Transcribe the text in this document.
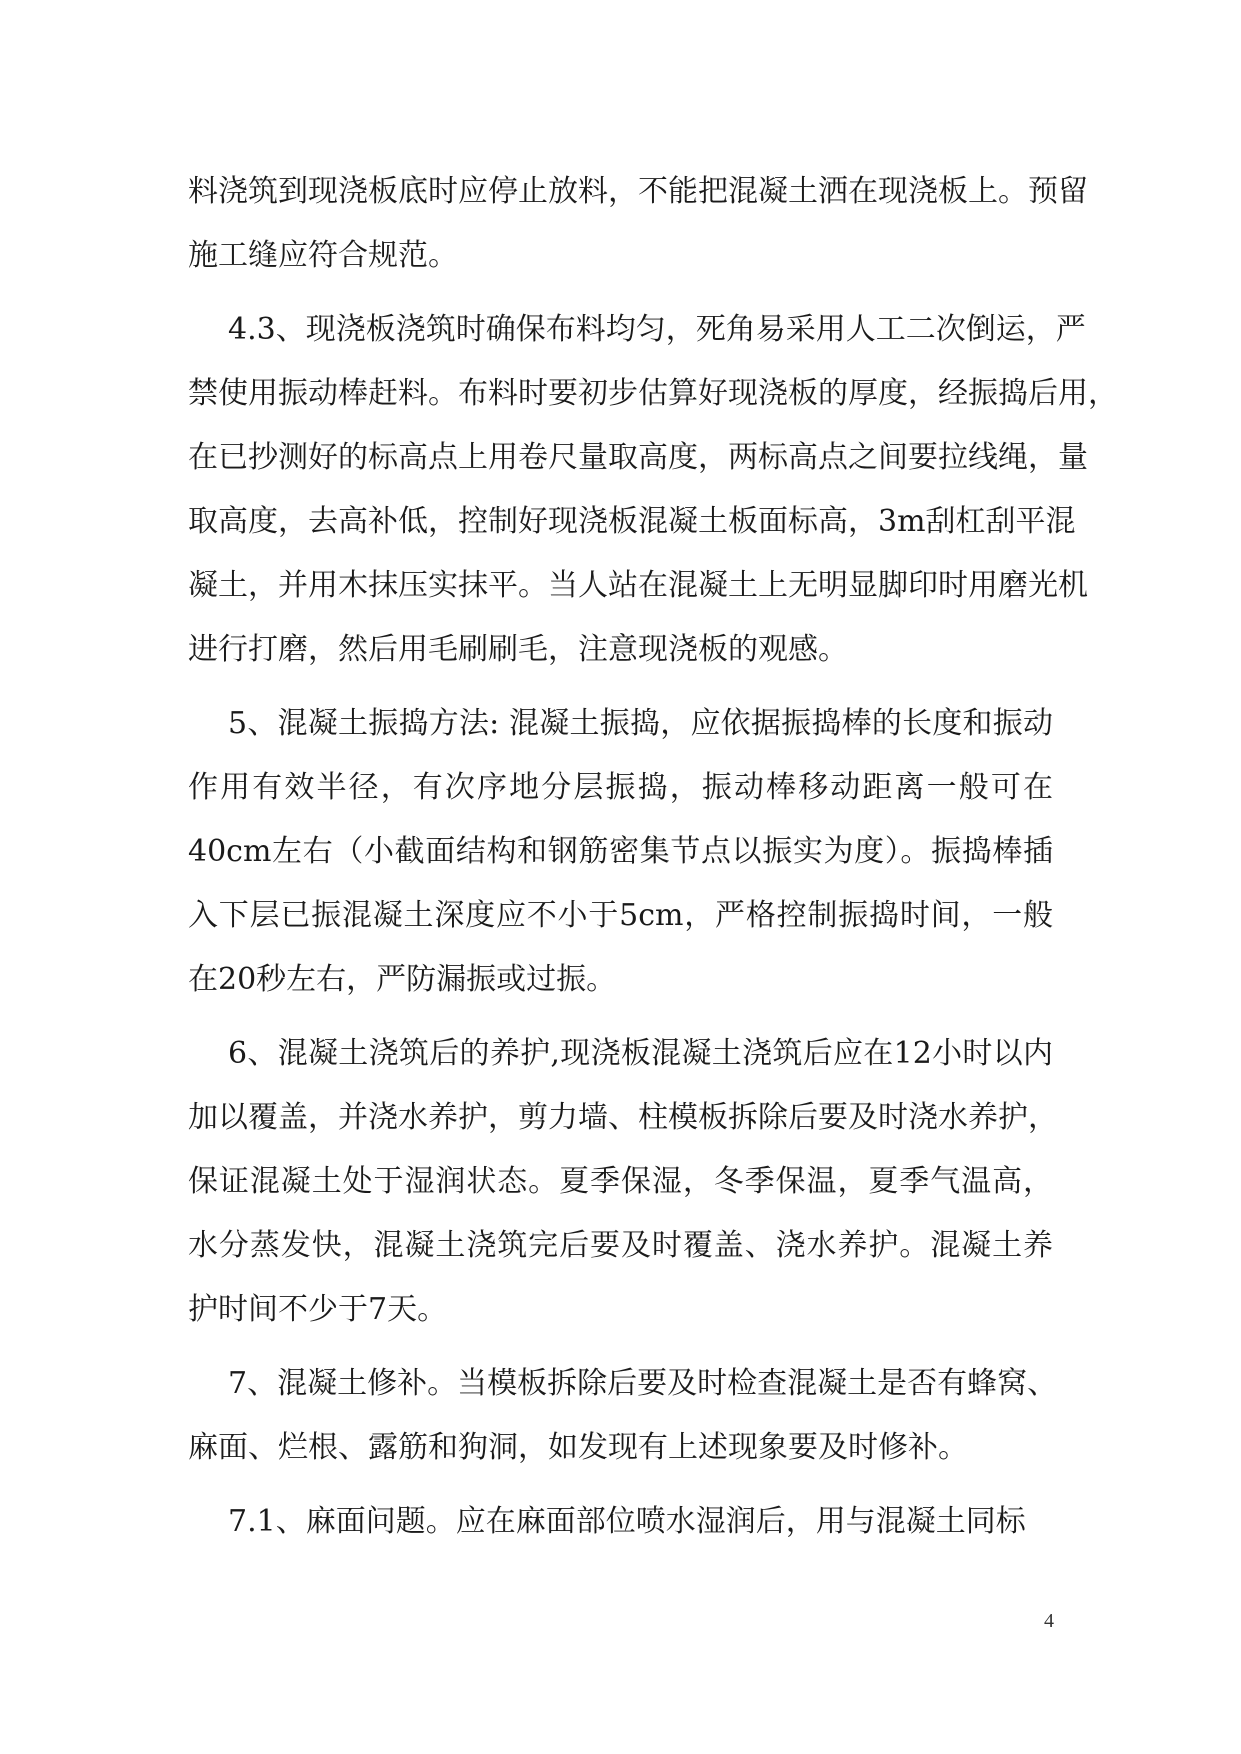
料浇筑到现浇板底时应停止放料，不能把混凝土洒在现浇板上。预留
施工缝应符合规范。
4.3、现浇板浇筑时确保布料均匀，死角易采用人工二次倒运，严
禁使用振动棒赶料。布料时要初步估算好现浇板的厚度，经振捣后用，
在已抄测好的标高点上用卷尺量取高度，两标高点之间要拉线绳，量
取高度，去高补低，控制好现浇板混凝土板面标高，3m刮杠刮平混
凝土，并用木抹压实抹平。当人站在混凝土上无明显脚印时用磨光机
进行打磨，然后用毛刷刷毛，注意现浇板的观感。
5、混凝土振捣方法: 混凝土振捣，应依据振捣棒的长度和振动
作用有效半径，有次序地分层振捣，振动棒移动距离一般可在
40cm左右（小截面结构和钢筋密集节点以振实为度）。振捣棒插
入下层已振混凝土深度应不小于5cm，严格控制振捣时间，一般
在20秒左右，严防漏振或过振。
6、混凝土浇筑后的养护,现浇板混凝土浇筑后应在12小时以内
加以覆盖，并浇水养护，剪力墙、柱模板拆除后要及时浇水养护，
保证混凝土处于湿润状态。夏季保湿，冬季保温，夏季气温高，
水分蒸发快，混凝土浇筑完后要及时覆盖、浇水养护。混凝土养
护时间不少于7天。
7、混凝土修补。当模板拆除后要及时检查混凝土是否有蜂窝、
麻面、烂根、露筋和狗洞，如发现有上述现象要及时修补。
7.1、麻面问题。应在麻面部位喷水湿润后，用与混凝土同标
4
